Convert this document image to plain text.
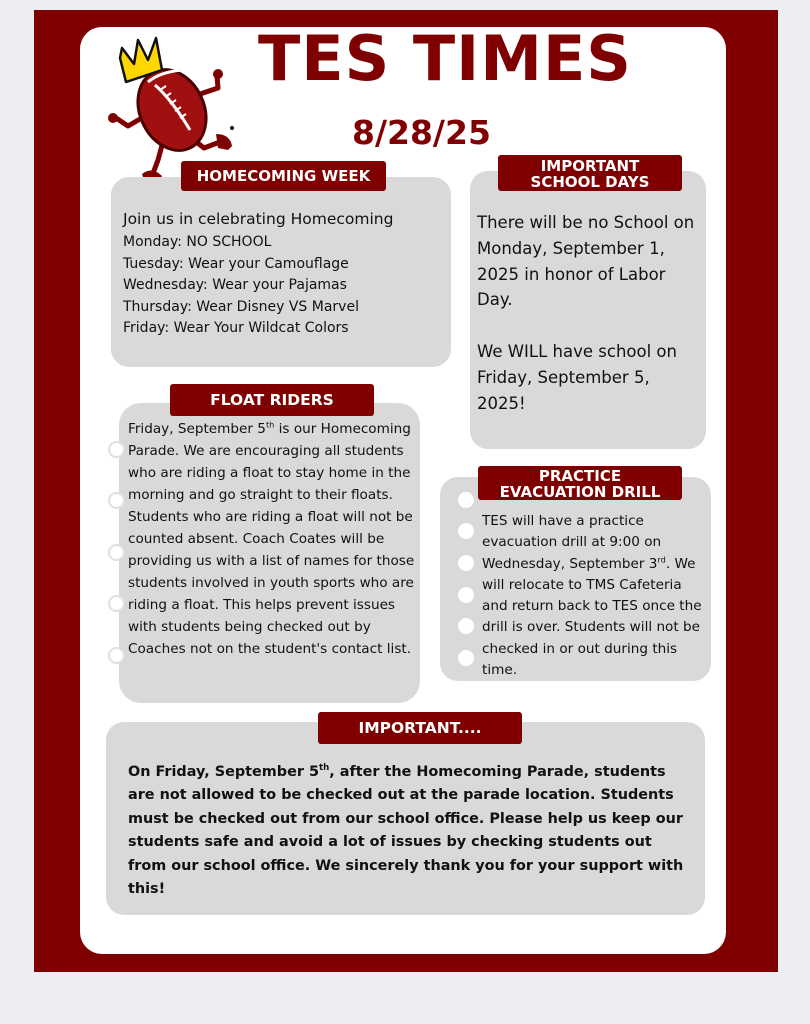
TES TIMES
8/28/25
HOMECOMING WEEK
Join us in celebrating Homecoming
Monday: NO SCHOOL
Tuesday: Wear your Camouflage
Wednesday: Wear your Pajamas
Thursday: Wear Disney VS Marvel
Friday: Wear Your Wildcat Colors
IMPORTANT
SCHOOL DAYS
There will be no School on Monday, September 1, 2025 in honor of Labor Day.
We WILL have school on Friday, September 5, 2025!
FLOAT RIDERS
Friday, September 5th is our Homecoming Parade. We are encouraging all students who are riding a float to stay home in the morning and go straight to their floats. Students who are riding a float will not be counted absent. Coach Coates will be providing us with a list of names for those students involved in youth sports who are riding a float. This helps prevent issues with students being checked out by Coaches not on the student's contact list.
PRACTICE
EVACUATION DRILL
TES will have a practice evacuation drill at 9:00 on Wednesday, September 3rd. We will relocate to TMS Cafeteria and return back to TES once the drill is over. Students will not be checked in or out during this time.
IMPORTANT....
On Friday, September 5th, after the Homecoming Parade, students are not allowed to be checked out at the parade location. Students must be checked out from our school office. Please help us keep our students safe and avoid a lot of issues by checking students out from our school office. We sincerely thank you for your support with this!
